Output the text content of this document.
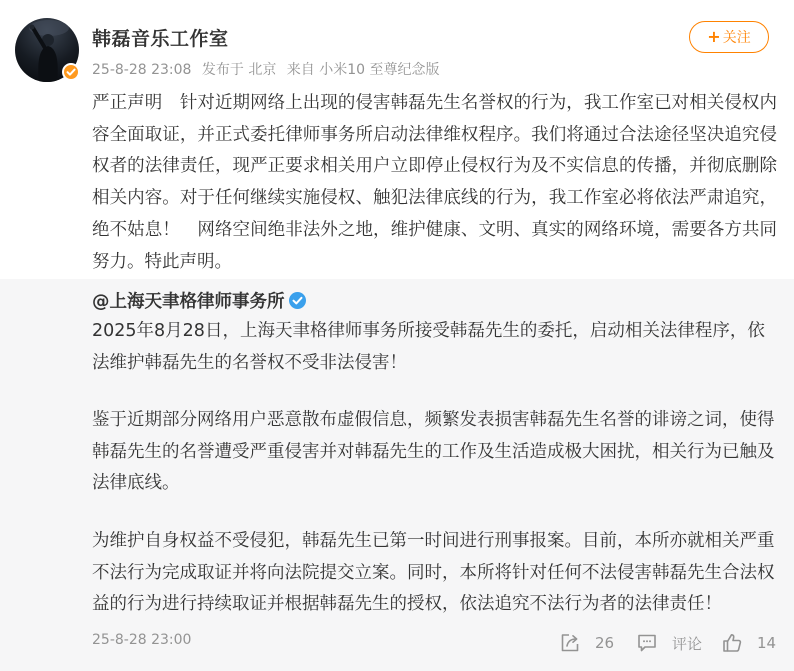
韩磊音乐工作室
25-8-28 23:08 发布于 北京 来自 小米10 至尊纪念版
+ 关注
严正声明　针对近期网络上出现的侵害韩磊先生名誉权的行为，我工作室已对相关侵权内容全面取证，并正式委托律师事务所启动法律维权程序。我们将通过合法途径坚决追究侵权者的法律责任，现严正要求相关用户立即停止侵权行为及不实信息的传播，并彻底删除相关内容。对于任何继续实施侵权、触犯法律底线的行为，我工作室必将依法严肃追究，绝不姑息！　网络空间绝非法外之地，维护健康、文明、真实的网络环境，需要各方共同努力。特此声明。
@上海天聿格律师事务所
2025年8月28日，上海天聿格律师事务所接受韩磊先生的委托，启动相关法律程序，依法维护韩磊先生的名誉权不受非法侵害！
鉴于近期部分网络用户恶意散布虚假信息，频繁发表损害韩磊先生名誉的诽谤之词，使得韩磊先生的名誉遭受严重侵害并对韩磊先生的工作及生活造成极大困扰，相关行为已触及法律底线。
为维护自身权益不受侵犯，韩磊先生已第一时间进行刑事报案。目前，本所亦就相关严重不法行为完成取证并将向法院提交立案。同时，本所将针对任何不法侵害韩磊先生合法权益的行为进行持续取证并根据韩磊先生的授权，依法追究不法行为者的法律责任！
25-8-28 23:00	26	评论	14
